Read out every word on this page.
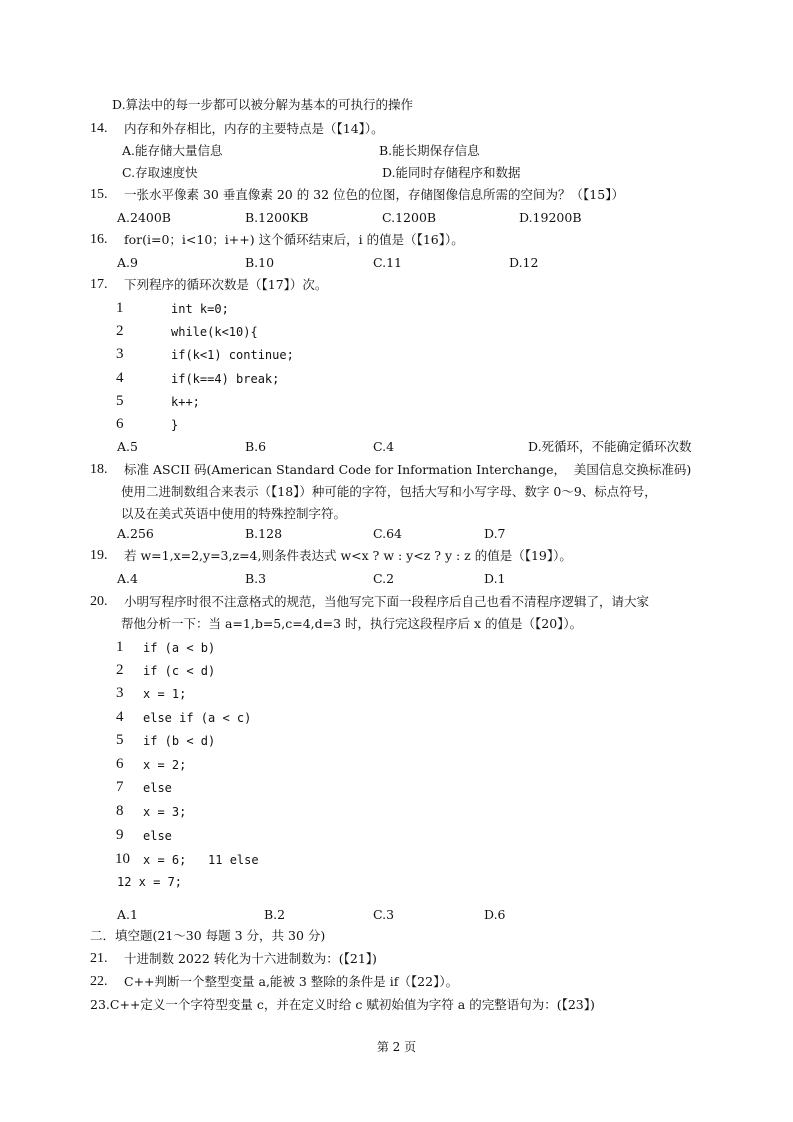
D.算法中的每一步都可以被分解为基本的可执行的操作
14. 内存和外存相比，内存的主要特点是（【14】）。
A.能存储大量信息	B.能长期保存信息
C.存取速度快	D.能同时存储程序和数据
15. 一张水平像素 30 垂直像素 20 的 32 位色的位图，存储图像信息所需的空间为？（【15】）
A.2400B	B.1200KB	C.1200B	D.19200B
16. for(i=0；i<10；i++) 这个循环结束后，i 的值是（【16】）。
A.9	B.10	C.11	D.12
17. 下列程序的循环次数是（【17】）次。
1	int k=0;
2	while(k<10){
3	if(k<1) continue;
4	if(k==4) break;
5	k++;
6	}
A.5	B.6	C.4	D.死循环，不能确定循环次数
18. 标准 ASCII 码(American Standard Code for Information Interchange，  美国信息交换标准码)
使用二进制数组合来表示（【18】）种可能的字符，包括大写和小写字母、数字 0～9、标点符号，
以及在美式英语中使用的特殊控制字符。
A.256	B.128	C.64	D.7
19. 若 w=1,x=2,y=3,z=4,则条件表达式 w<x ? w : y<z ? y : z 的值是（【19】）。
A.4	B.3	C.2	D.1
20. 小明写程序时很不注意格式的规范，当他写完下面一段程序后自己也看不清程序逻辑了，请大家
帮他分析一下：当 a=1,b=5,c=4,d=3 时，执行完这段程序后 x 的值是（【20】）。
1 if (a < b)
2 if (c < d)
3 x = 1;
4 else if (a < c)
5 if (b < d)
6 x = 2;
7 else
8 x = 3;
9 else
10 x = 6;   11 else
12 x = 7;
A.1	B.2	C.3	D.6
二．填空题(21～30 每题 3 分，共 30 分)
21. 十进制数 2022 转化为十六进制数为：(【21】)
22. C++判断一个整型变量 a,能被 3 整除的条件是 if（【22】）。
23.C++定义一个字符型变量 c，并在定义时给 c 赋初始值为字符 a 的完整语句为：(【23】)
第 2 页
